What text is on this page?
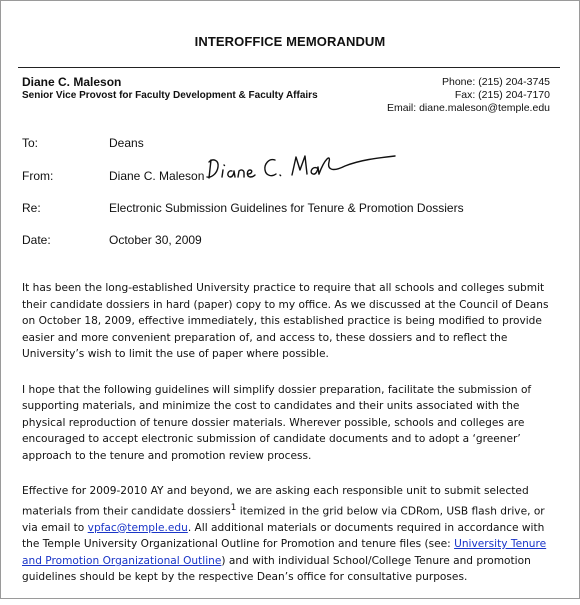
INTEROFFICE MEMORANDUM
Diane C. Maleson
Senior Vice Provost for Faculty Development & Faculty Affairs
Phone: (215) 204-3745
Fax: (215) 204-7170
Email: diane.maleson@temple.edu
To:	Deans
From:	Diane C. Maleson
Re:	Electronic Submission Guidelines for Tenure & Promotion Dossiers
Date:	October 30, 2009

It has been the long-established University practice to require that all schools and colleges submit their candidate dossiers in hard (paper) copy to my office. As we discussed at the Council of Deans on October 18, 2009, effective immediately, this established practice is being modified to provide easier and more convenient preparation of, and access to, these dossiers and to reflect the University’s wish to limit the use of paper where possible.

I hope that the following guidelines will simplify dossier preparation, facilitate the submission of supporting materials, and minimize the cost to candidates and their units associated with the physical reproduction of tenure dossier materials. Wherever possible, schools and colleges are encouraged to accept electronic submission of candidate documents and to adopt a ‘greener’ approach to the tenure and promotion review process.

Effective for 2009-2010 AY and beyond, we are asking each responsible unit to submit selected materials from their candidate dossiers$^1$ itemized in the grid below via CDRom, USB flash drive, or via email to vpfac@temple.edu. All additional materials or documents required in accordance with the Temple University Organizational Outline for Promotion and tenure files (see: University Tenure and Promotion Organizational Outline) and with individual School/College Tenure and promotion guidelines should be kept by the respective Dean’s office for consultative purposes.
